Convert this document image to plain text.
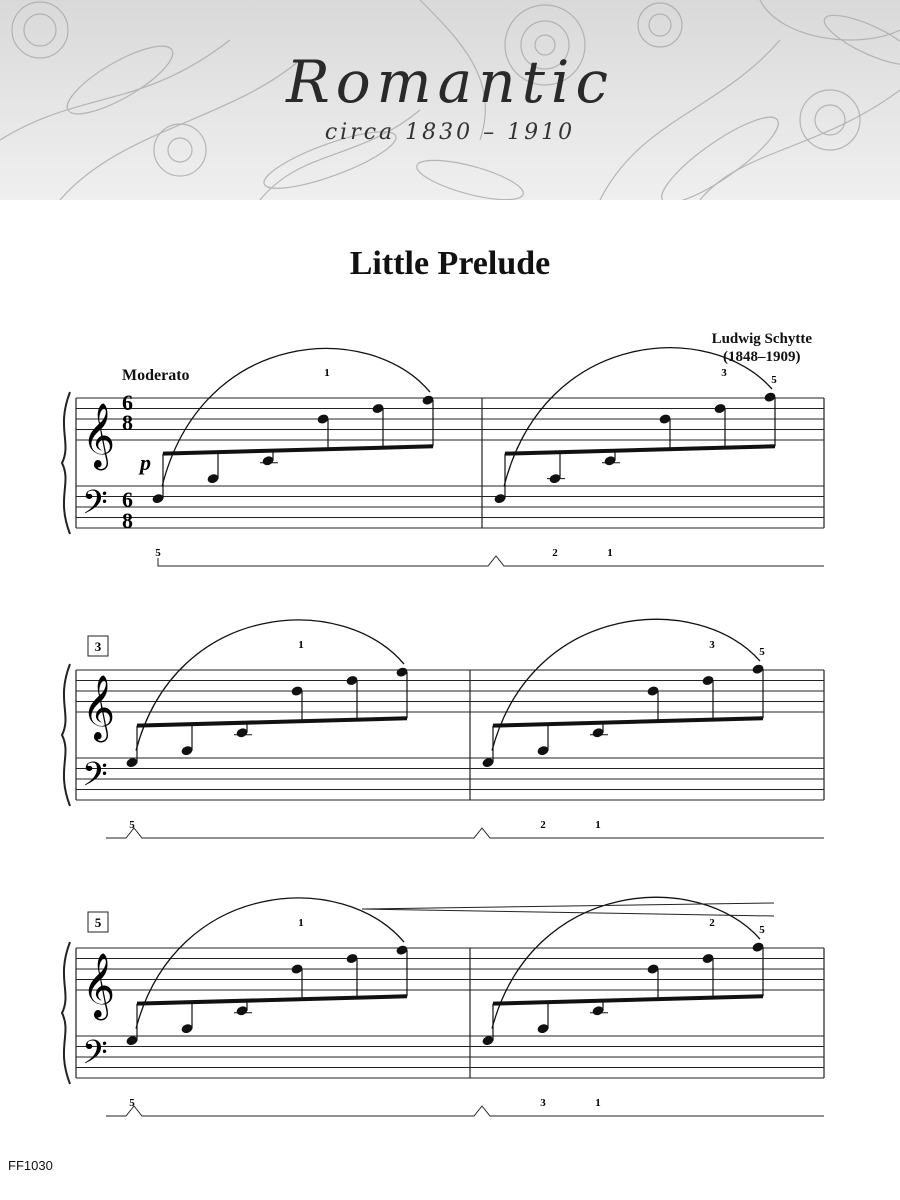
Romantic
circa 1830 – 1910
Little Prelude
Ludwig Schytte
(1848–1909)
Moderato
𝄞
𝄢
1
5
3
5
2	1
𝄞
𝄢
3	1
5
3
5
2	1
𝄞
𝄢
5	1
5
2
5
3	1
6
8
6
8
p
FF1030
